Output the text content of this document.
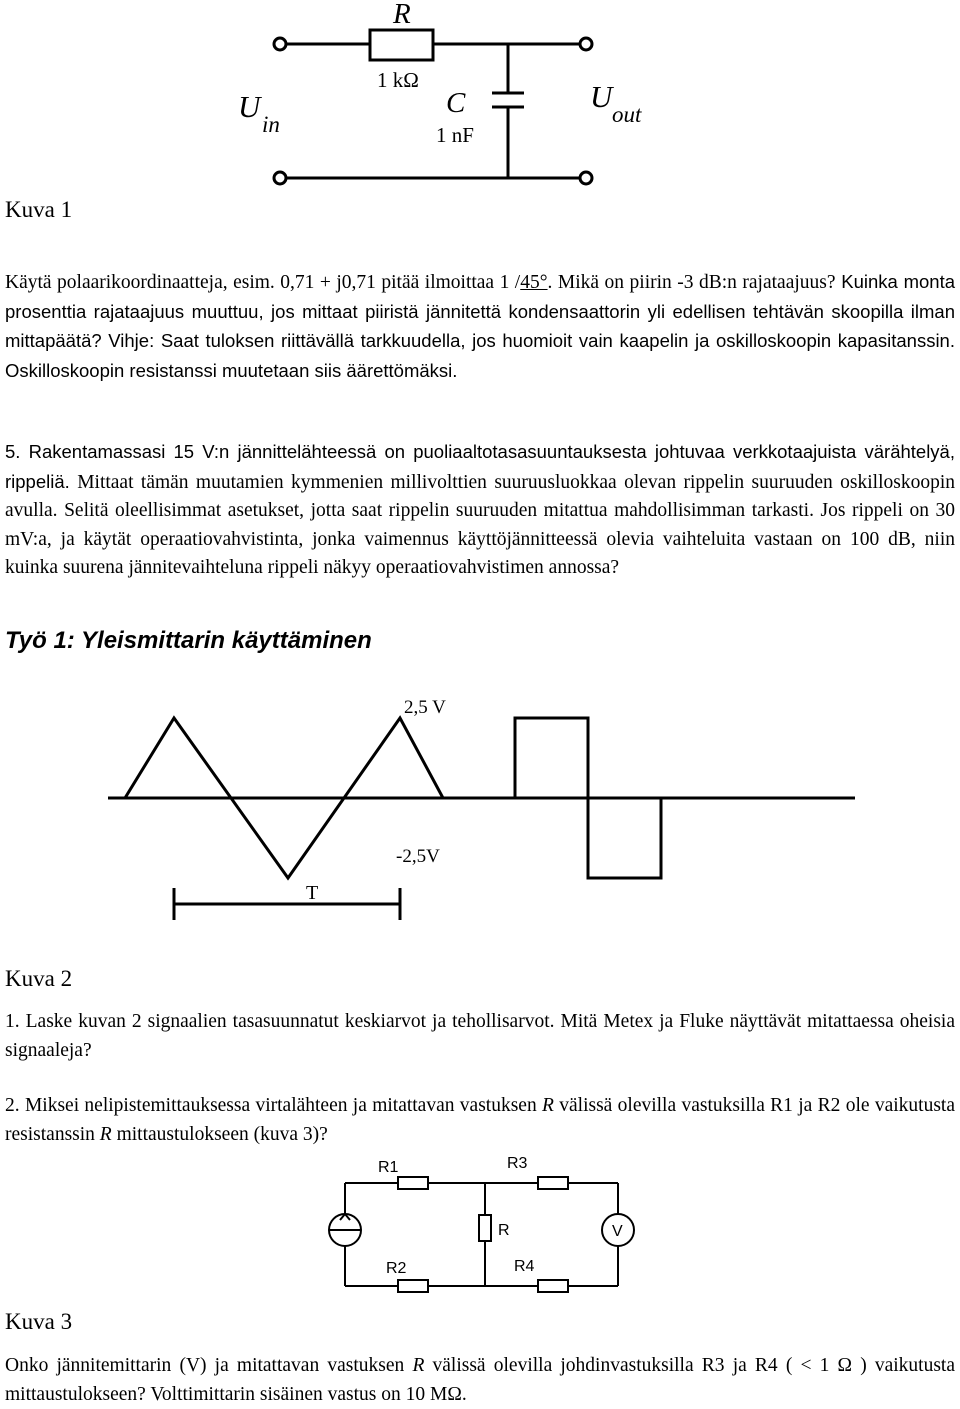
R
1 kΩ
C
1 nF
U
in
U
out
Kuva 1

Käytä polaarikoordinaatteja, esim. 0,71 + j0,71 pitää ilmoittaa 1 /45°. Mikä on piirin -3 dB:n rajataajuus? Kuinka monta prosenttia rajataajuus muuttuu, jos mittaat piiristä jännitettä kondensaattorin yli edellisen tehtävän skoopilla ilman mittapäätä? Vihje: Saat tuloksen riittävällä tarkkuudella, jos huomioit vain kaapelin ja oskilloskoopin kapasitanssin. Oskilloskoopin resistanssi muutetaan siis äärettömäksi.

5. Rakentamassasi 15 V:n jännittelähteessä on puoliaaltotasasuuntauksesta johtuvaa verkkotaajuista värähtelyä, rippeliä. Mittaat tämän muutamien kymmenien millivolttien suuruusluokkaa olevan rippelin suuruuden oskilloskoopin avulla. Selitä oleellisimmat asetukset, jotta saat rippelin suuruuden mitattua mahdollisimman tarkasti. Jos rippeli on 30 mV:a, ja käytät operaatiovahvistinta, jonka vaimennus käyttöjännitteessä olevia vaihteluita vastaan on 100 dB, niin kuinka suurena jännitevaihteluna rippeli näkyy operaatiovahvistimen annossa?

Työ 1: Yleismittarin käyttäminen
2,5 V
-2,5V
T
Kuva 2

1. Laske kuvan 2 signaalien tasasuunnatut keskiarvot ja tehollisarvot. Mitä Metex ja Fluke näyttävät mitattaessa oheisia signaaleja?

2. Miksei nelipistemittauksessa virtalähteen ja mitattavan vastuksen R välissä olevilla vastuksilla R1 ja R2 ole vaikutusta resistanssin R mittaustulokseen (kuva 3)?

R1	R3
R	V
R2	R4
Kuva 3

Onko jännitemittarin (V) ja mitattavan vastuksen R välissä olevilla johdinvastuksilla R3 ja R4 ( < 1 Ω ) vaikutusta mittaustulokseen? Volttimittarin sisäinen vastus on 10 MΩ.
